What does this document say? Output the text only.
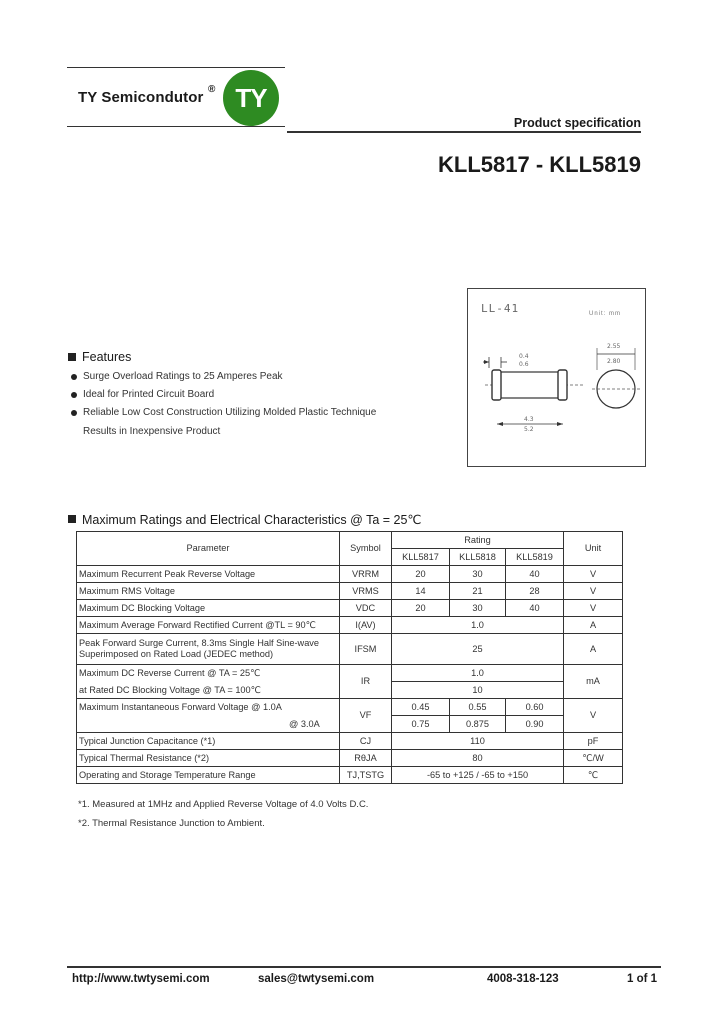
TY Semicondutor ® TY
Product specification
KLL5817 - KLL5819
LL-41	Unit: mm
0.4
0.6
4.3
5.2
2.55
2.80
Features
Surge Overload Ratings to 25 Amperes Peak
Ideal for Printed Circuit Board
Reliable Low Cost Construction Utilizing Molded Plastic Technique
Results in Inexpensive Product
Maximum Ratings and Electrical Characteristics @ Ta = 25℃
Parameter	Symbol	Rating			Unit
		KLL5817	KLL5818	KLL5819	
Maximum Recurrent Peak Reverse Voltage	VRRM	20	30	40	V
Maximum RMS Voltage	VRMS	14	21	28	V
Maximum DC Blocking Voltage	VDC	20	30	40	V
Maximum Average Forward Rectified Current @TL = 90℃	I(AV)	1.0			A

Peak Forward Surge Current, 8.3ms Single Half Sine-wave
Superimposed on Rated Load (JEDEC method)	IFSM	25			A

Maximum DC Reverse Current @ TA = 25℃
at Rated DC Blocking Voltage @ TA = 100℃	IR	1.0			mA
		10			

Maximum Instantaneous Forward Voltage @ 1.0A
@ 3.0A	VF	0.45	0.55	0.60	V
		0.75	0.875	0.90	
Typical Junction Capacitance (*1)	CJ	110			pF
Typical Thermal Resistance (*2)	RθJA	80			℃/W
Operating and Storage Temperature Range	TJ,TSTG	-65 to +125 / -65 to +150			℃
*1. Measured at 1MHz and Applied Reverse Voltage of 4.0 Volts D.C.
*2. Thermal Resistance Junction to Ambient.
http://www.twtysemi.com	sales@twtysemi.com	4008-318-123	1 of 1
